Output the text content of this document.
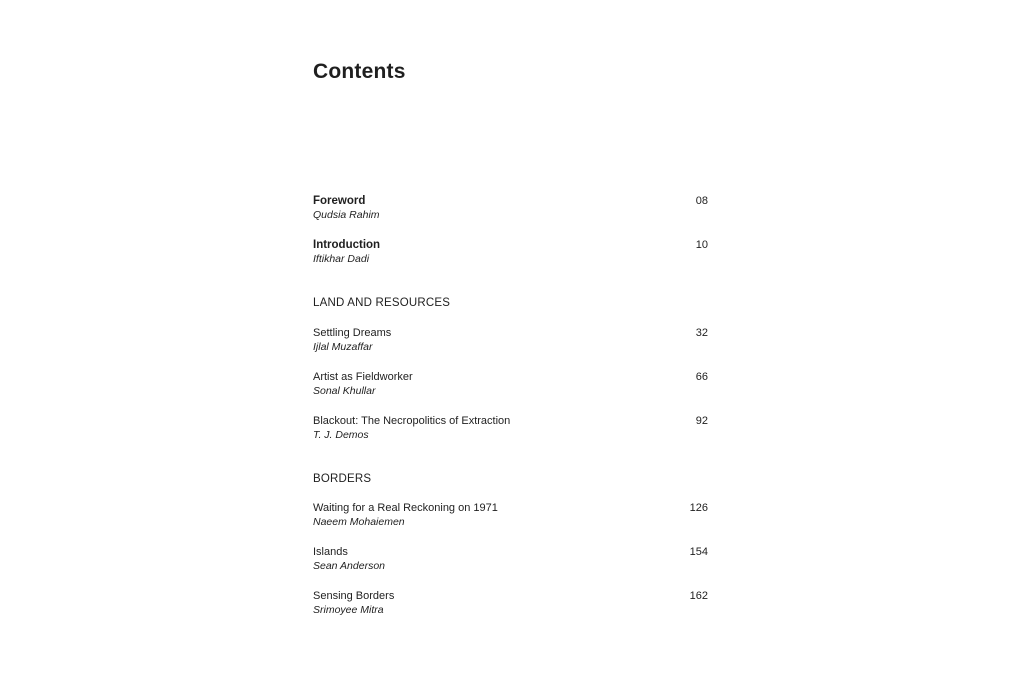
Contents
Foreword
Qudsia Rahim
08
Introduction
Iftikhar Dadi
10
LAND AND RESOURCES
Settling Dreams
Ijlal Muzaffar
32
Artist as Fieldworker
Sonal Khullar
66
Blackout: The Necropolitics of Extraction
T. J. Demos
92
BORDERS
Waiting for a Real Reckoning on 1971
Naeem Mohaiemen
126
Islands
Sean Anderson
154
Sensing Borders
Srimoyee Mitra
162
